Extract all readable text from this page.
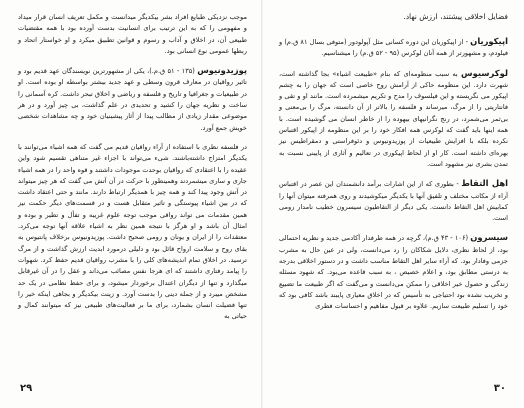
موجب نزدیکی طبایع افراد بشر بیکدیگر میدانست و مکمل تعریف انسان قرار میداد و مفهومی را که به این ترتیب برای انسانیت بدست آورده بود با همه مقتضیات طبیعی آن، در اخلاق و آداب و رسوم و قوانین تطبیق میکرد و او خواستار اتحاد و ربطها عمومی نوع انسانی بود.

پوزیدونیوس (۱۳۵ - ۵۱ ق.م.)، یکی از مشهورترین نویسندگان عهد قدیم بود و تاثیر رواقیان در معارف قرون وسطی و عهد جدید بیشتر بواسطه او بوده است. او در طبیعیات و جغرافیا و تاریخ و فلسفه و ریاضی و اخلاق تبحر داشت. کره آسمانی را ساخت و نظریه جهان را کشید و تحدیدی در علم گذاشت، بی چیز آورد و در هر موضوعی مقدار زیادی از مطالب پیدا از آثار پیشینیان خود و چه مشاهدات شخصی خویش جمع آورد.

در فلسفه نظری با استفاده از آراء رواقیان قدیم می گفت که همه اشیاء می‌توانند با یکدیگر امتزاج داشته‌باشند. شیء می‌تواند با اجزاء غیر متناهی تقسیم شود واین عقیده را با اعتقادی که رواقیان بوحدت موجودات داشتند و قوه واحد را در همه اشیاء جاری و ساری میشمردند وهمینطور با حرکت در آن آتش می گفت که هر چیز میتواند در آتش وجود پیدا کند و همه چیز با همدیگر ارتباط دارند. مانند و حتی اعتقاد داشت که در بین اشیاء پیوستگی و تاثیر متقابل هست و در قسمت‌های دیگر حکمت نیز همین مقدمات می تواند رواقی موجب توجه علوم غریبه و تفأل و تطیر و بوده و امثال آن باشد و او هرگز با نتیجه همین نظر به اشیاء علاقه آنها توجه می‌کرد. معتقدات را از ایران و یونان و رومی صحیح داشت. پوزیدونیوس برخلاف پانتیوس به بقای روح و سلامت ارواح قائل بود و دلیلی درمورد ابدیت ارزش گذاشت و از مرگ ترسید. در اخلاق تمام اندیشه‌های کلی را با مشرب رواقیان قدیم حفظ کرد. شهوات را پیامد رفتاری داشتند که ای هرجا نفس مصائب می‌داند و عقل را در آن غیرقابل میگذارد و تنها از دیگران اعتدال برخوردار میشود، و برای حفظ نظامی در یک حد مشخص میبرد و از جمله دینی را بدست آورد. و زینت بیکدیگر و بجاهی اینکه خیر را تنها فضیلت انسان بشمارد، برای ما بر فعالیت‌های طبیعی نیز که میتوانند کمال و حیاتی به

۲۹
فضایل اخلاقی پیشتند، ارزش نهاد.

اپیکوریان - از اپیکوریان این دوره کسانی مثل آپولودور (متوفی بسال ۸۱ ق.م) و فیلودم، و مشهورتر از همه آنان لوکرس (۹۵ - ۵۲ ق.م) را میشناسیم.

لوکرسیوس به سبب منظومه‌ای که بنام «طبیعت اشیاء» بجا گذاشته است، شهرت دارد. این منظومه حاکی از آرامش روح خاصی است که جهان را به چشم اپیکور می نگریسته و این فیلسوف را مدح و تکریم میشمرده است. مانند او و تقی و فانتاریتی را از مرگ، میرساند و فلسفه را بالاتر از آن دانسته، مرگ را بی‌معنی و بی‌ثمر می‌شمرد، در رنج نگرانیهای بیهوده را از خاطر انسان می گوشیده است. با همه اینها باید گفت که لوکرس همه افکار خود را بر این منظومه از اپیکور اقتباس نکرده بلکه با افزایش طبیعیات از پوزیدونیوس و دئوفراستی و دمقراطیس نیز بهره‌ای داشته است. کار او از لحاظ اپیکوری در تعالیم و آثاری از پایینی نسبت به تمدن بشری نیز مشهود است.

اهل التقاط - بطوری که از این اشارات برآمد دانشمندان این عصر در اقتباس آراء از مکاتب مختلف و تلفیق آنها با یکدیگر میکوشیدند و روی همرفته میتوان آنها را کمابیش اهل التقاط دانست. یکی دیگر از التقاطیون سیسرون خطیب نامدار رومی است.

سیسرون (۱۰۶ - ۴۳ ق.م)، گرچه در همه طرفدار آکادمی جدید و نظریه احتمالی بود، از لحاظ نظری، دلایل شکاکان را رد می‌دانست، ولی در عین حال به مشرب جزمی وفادار بود. که آراء سایر اهل التقاط مناسب داشت و در دستور اخلاقی بدرجه به درستی مطابق بود، و اعلام خصیص ، به سبب قاعده می‌بود. که شهود مسئله زندگی و حصول خیر اخلاقی را ممکن می‌دانست و می‌گفت که اگر طبیعت ما تضییع و تخریب نشده بود احتیاجی به تأسیس که در اخلاق معیاری پایبند باشد کافی بود که خود را تسلیم طبیعت سازیم. علاوه بر قبول مفاهیم و احساسات فطری

۳۰
